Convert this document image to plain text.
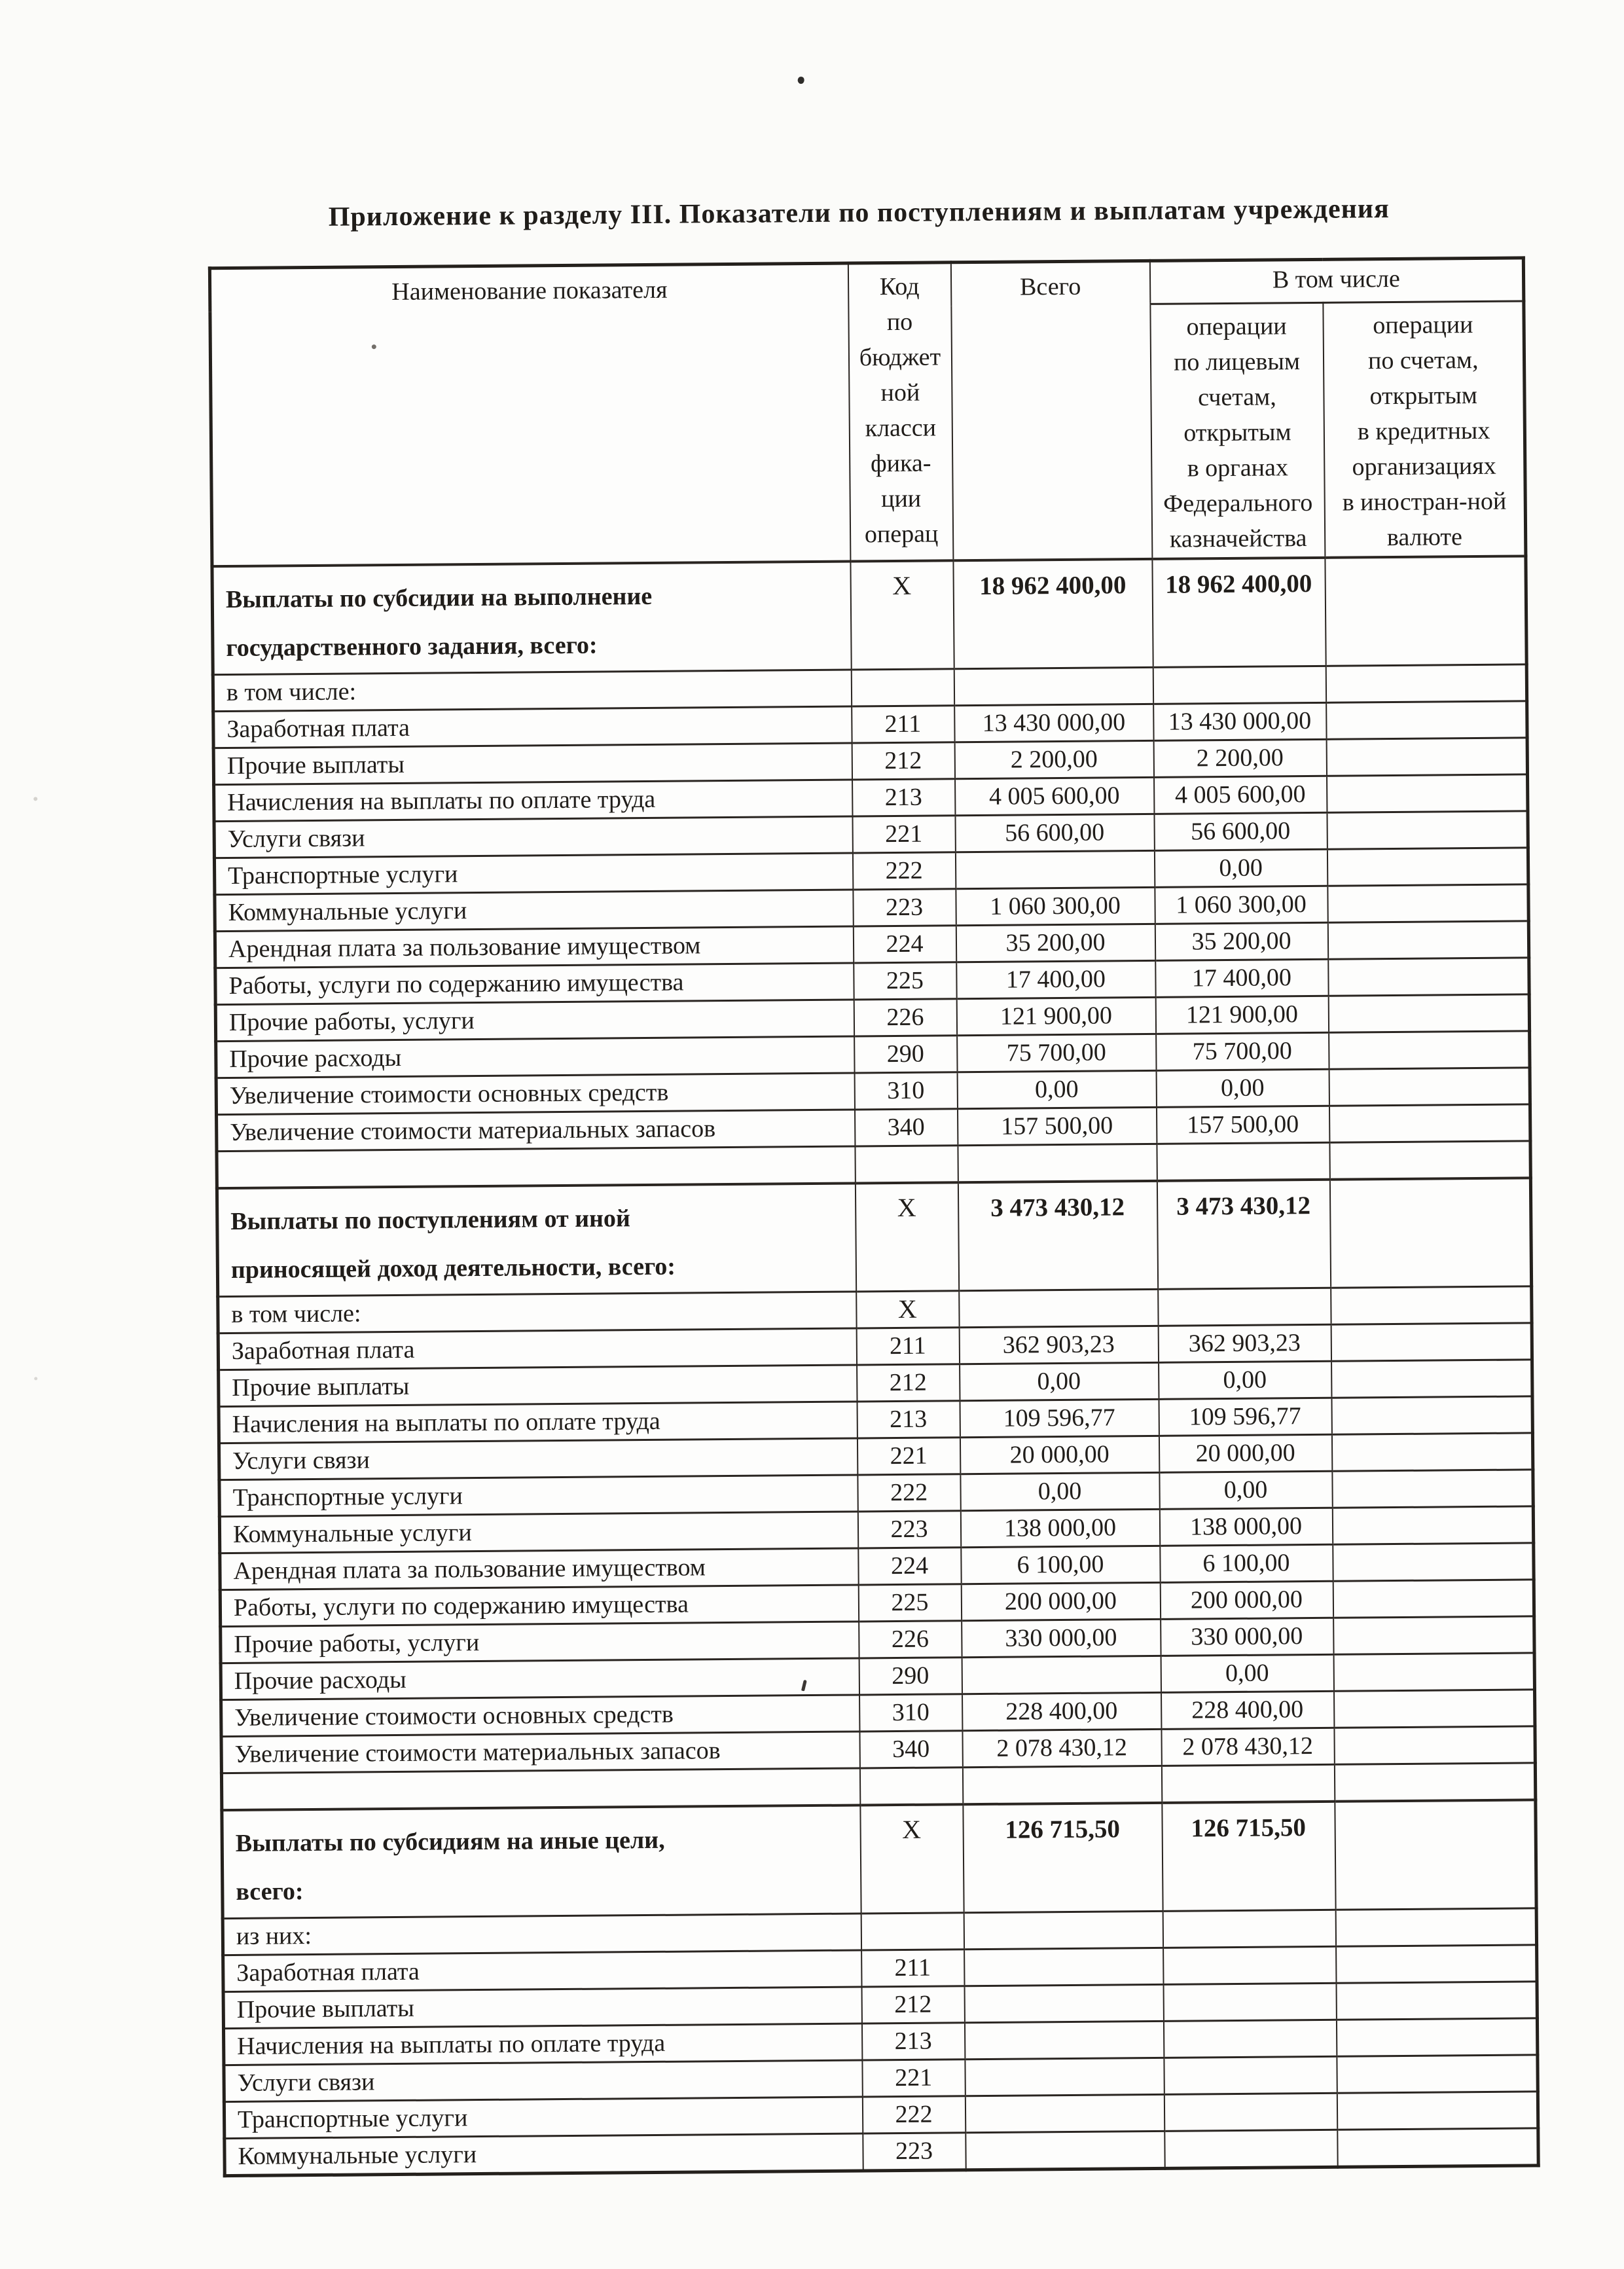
Приложение к разделу III. Показатели по поступлениям и выплатам учреждения
Наименование показателя	Код
по
бюджет
ной
класси
фика-
ции
операц	Всего	В том числе
операции
по лицевым
счетам,
открытым
в органах
Федерального
казначейства	операции
по счетам,
открытым
в кредитных
организациях
в иностран-ной
валюте
Выплаты по субсидии на выполнение
государственного задания, всего:	Х	18 962 400,00	18 962 400,00	
в том числе:				
Заработная плата	211	13 430 000,00	13 430 000,00	
Прочие выплаты	212	2 200,00	2 200,00	
Начисления на выплаты по оплате труда	213	4 005 600,00	4 005 600,00	
Услуги связи	221	56 600,00	56 600,00	
Транспортные услуги	222		0,00	
Коммунальные услуги	223	1 060 300,00	1 060 300,00	
Арендная плата за пользование имуществом	224	35 200,00	35 200,00	
Работы, услуги по содержанию имущества	225	17 400,00	17 400,00	
Прочие работы, услуги	226	121 900,00	121 900,00	
Прочие расходы	290	75 700,00	75 700,00	
Увеличение стоимости основных средств	310	0,00	0,00	
Увеличение стоимости материальных запасов	340	157 500,00	157 500,00	

Выплаты по поступлениям от иной
приносящей доход деятельности, всего:	Х	3 473 430,12	3 473 430,12	
в том числе:	Х			
Заработная плата	211	362 903,23	362 903,23	
Прочие выплаты	212	0,00	0,00	
Начисления на выплаты по оплате труда	213	109 596,77	109 596,77	
Услуги связи	221	20 000,00	20 000,00	
Транспортные услуги	222	0,00	0,00	
Коммунальные услуги	223	138 000,00	138 000,00	
Арендная плата за пользование имуществом	224	6 100,00	6 100,00	
Работы, услуги по содержанию имущества	225	200 000,00	200 000,00	
Прочие работы, услуги	226	330 000,00	330 000,00	
Прочие расходы	290		0,00	
Увеличение стоимости основных средств	310	228 400,00	228 400,00	
Увеличение стоимости материальных запасов	340	2 078 430,12	2 078 430,12	

Выплаты по субсидиям на иные цели,
всего:	Х	126 715,50	126 715,50	
из них:				
Заработная плата	211			
Прочие выплаты	212			
Начисления на выплаты по оплате труда	213			
Услуги связи	221			
Транспортные услуги	222			
Коммунальные услуги	223			
